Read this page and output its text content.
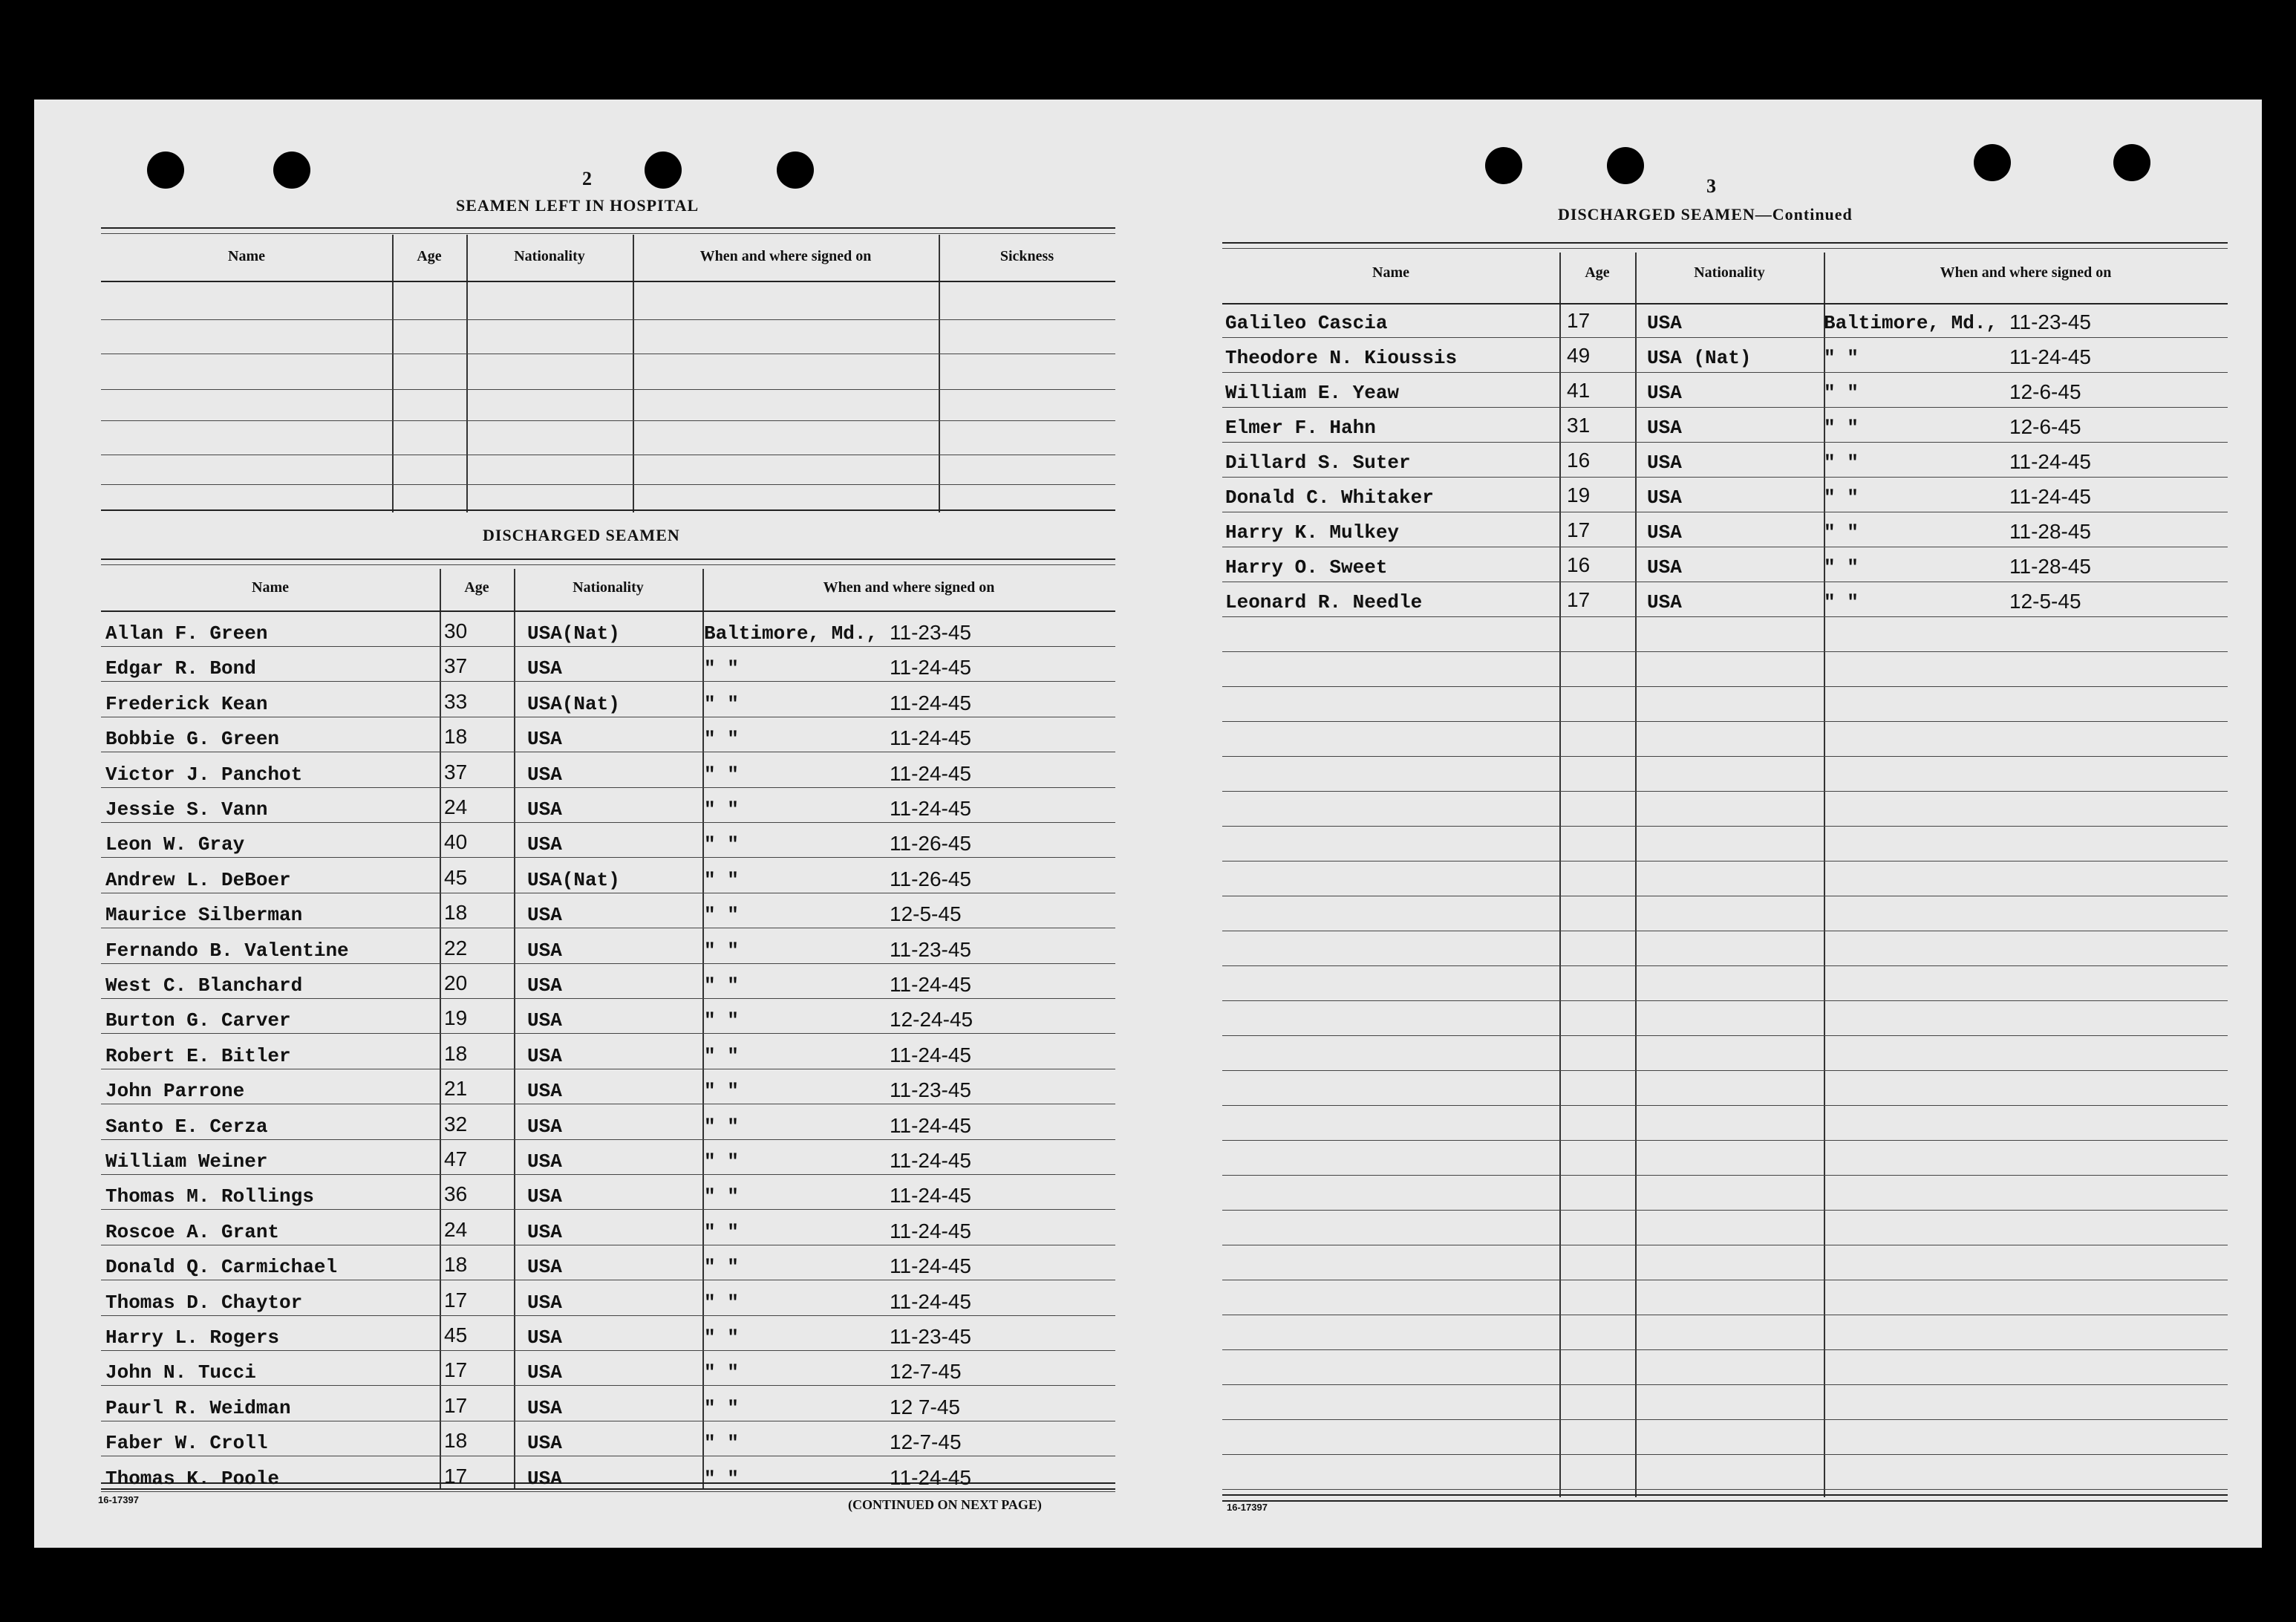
2
SEAMEN LEFT IN HOSPITAL
Name	Age	Nationality	When and where signed on	Sickness
DISCHARGED SEAMEN
Name	Age	Nationality	When and where signed on
Allan F. Green	30	USA(Nat)	Baltimore, Md., 11-23-45
Edgar R. Bond	37	USA	" "	11-24-45
Frederick Kean	33	USA(Nat)	" "	11-24-45
Bobbie G. Green	18	USA	" "	11-24-45
Victor J. Panchot	37	USA	" "	11-24-45
Jessie S. Vann	24	USA	" "	11-24-45
Leon W. Gray	40	USA	" "	11-26-45
Andrew L. DeBoer	45	USA(Nat)	" "	11-26-45
Maurice Silberman	18	USA	" "	12-5-45
Fernando B. Valentine	22	USA	" "	11-23-45
West C. Blanchard	20	USA	" "	11-24-45
Burton G. Carver	19	USA	" "	12-24-45
Robert E. Bitler	18	USA	" "	11-24-45
John Parrone	21	USA	" "	11-23-45
Santo E. Cerza	32	USA	" "	11-24-45
William Weiner	47	USA	" "	11-24-45
Thomas M. Rollings	36	USA	" "	11-24-45
Roscoe A. Grant	24	USA	" "	11-24-45
Donald Q. Carmichael	18	USA	" "	11-24-45
Thomas D. Chaytor	17	USA	" "	11-24-45
Harry L. Rogers	45	USA	" "	11-23-45
John N. Tucci	17	USA	" "	12-7-45
Paurl R. Weidman	17	USA	" "	12 7-45
Faber W. Croll	18	USA	" "	12-7-45
Thomas K. Poole	17	USA	" "	11-24-45
16-17397	(CONTINUED ON NEXT PAGE)
3
DISCHARGED SEAMEN—Continued
Name	Age	Nationality	When and where signed on
Galileo Cascia	17	USA	Baltimore, Md., 11-23-45
Theodore N. Kioussis	49	USA (Nat)	" "	11-24-45
William E. Yeaw	41	USA	" "	12-6-45
Elmer F. Hahn	31	USA	" "	12-6-45
Dillard S. Suter	16	USA	" "	11-24-45
Donald C. Whitaker	19	USA	" "	11-24-45
Harry K. Mulkey	17	USA	" "	11-28-45
Harry O. Sweet	16	USA	" "	11-28-45
Leonard R. Needle	17	USA	" "	12-5-45
16-17397
